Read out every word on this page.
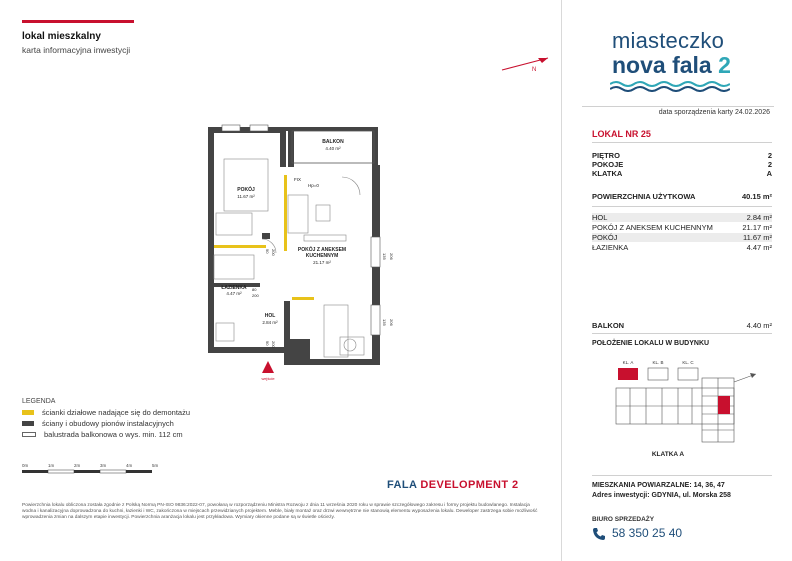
lokal mieszkalny
karta informacyjna inwestycji
N
BALKON
4.40 m²
POKÓJ
11.67 m²
POKÓJ Z ANEKSEM
KUCHENNYM
21.17 m²
ŁAZIENKA
4.47 m²
HOL
2.84 m²
FIX
Hp=0
135 206
135 206
90 200
80
200
90 200
wejście
LEGENDA
ścianki działowe nadające się do demontażu
ściany i obudowy pionów instalacyjnych
balustrada balkonowa o wys. min. 112 cm
0m	1m	2m	3m	4m	5m
FALA DEVELOPMENT 2
Powierzchnia lokalu obliczona została zgodnie z Polską Normą PN-ISO 9836:2022-07, powołaną w rozporządzeniu Ministra Rozwoju z dnia 11 września 2020 roku w sprawie szczegółowego zakresu i formy projektu budowlanego. Instalacja wodna i kanalizacyjna doprowadzona do kuchni, łazienki i WC, zakończona w miejscach przewidzianych projektem. Meble, biały montaż oraz drzwi wewnętrzne nie stanowią elementu wyposażenia lokalu. Deweloper zastrzega sobie możliwość wprowadzenia zmian na dalszym etapie inwestycji. Powierzchnia aranżacja lokalu jest przykładowa. Wymiary okienne podane są w świetle ościeży.
miasteczko
nova fala 2
data sporządzenia karty 24.02.2026
LOKAL NR 25
PIĘTRO	2
POKOJE	2
KLATKA	A
POWIERZCHNIA UŻYTKOWA	40.15 m²
HOL	2.84 m²
POKÓJ Z ANEKSEM KUCHENNYM	21.17 m²
POKÓJ	11.67 m²
ŁAZIENKA	4.47 m²
BALKON	4.40 m²
POŁOŻENIE LOKALU W BUDYNKU
KL. A	KL. B	KL. C
KLATKA A
MIESZKANIA POWIARZALNE: 14, 36, 47
Adres inwestycji: GDYNIA, ul. Morska 258
BIURO SPRZEDAŻY
58 350 25 40
